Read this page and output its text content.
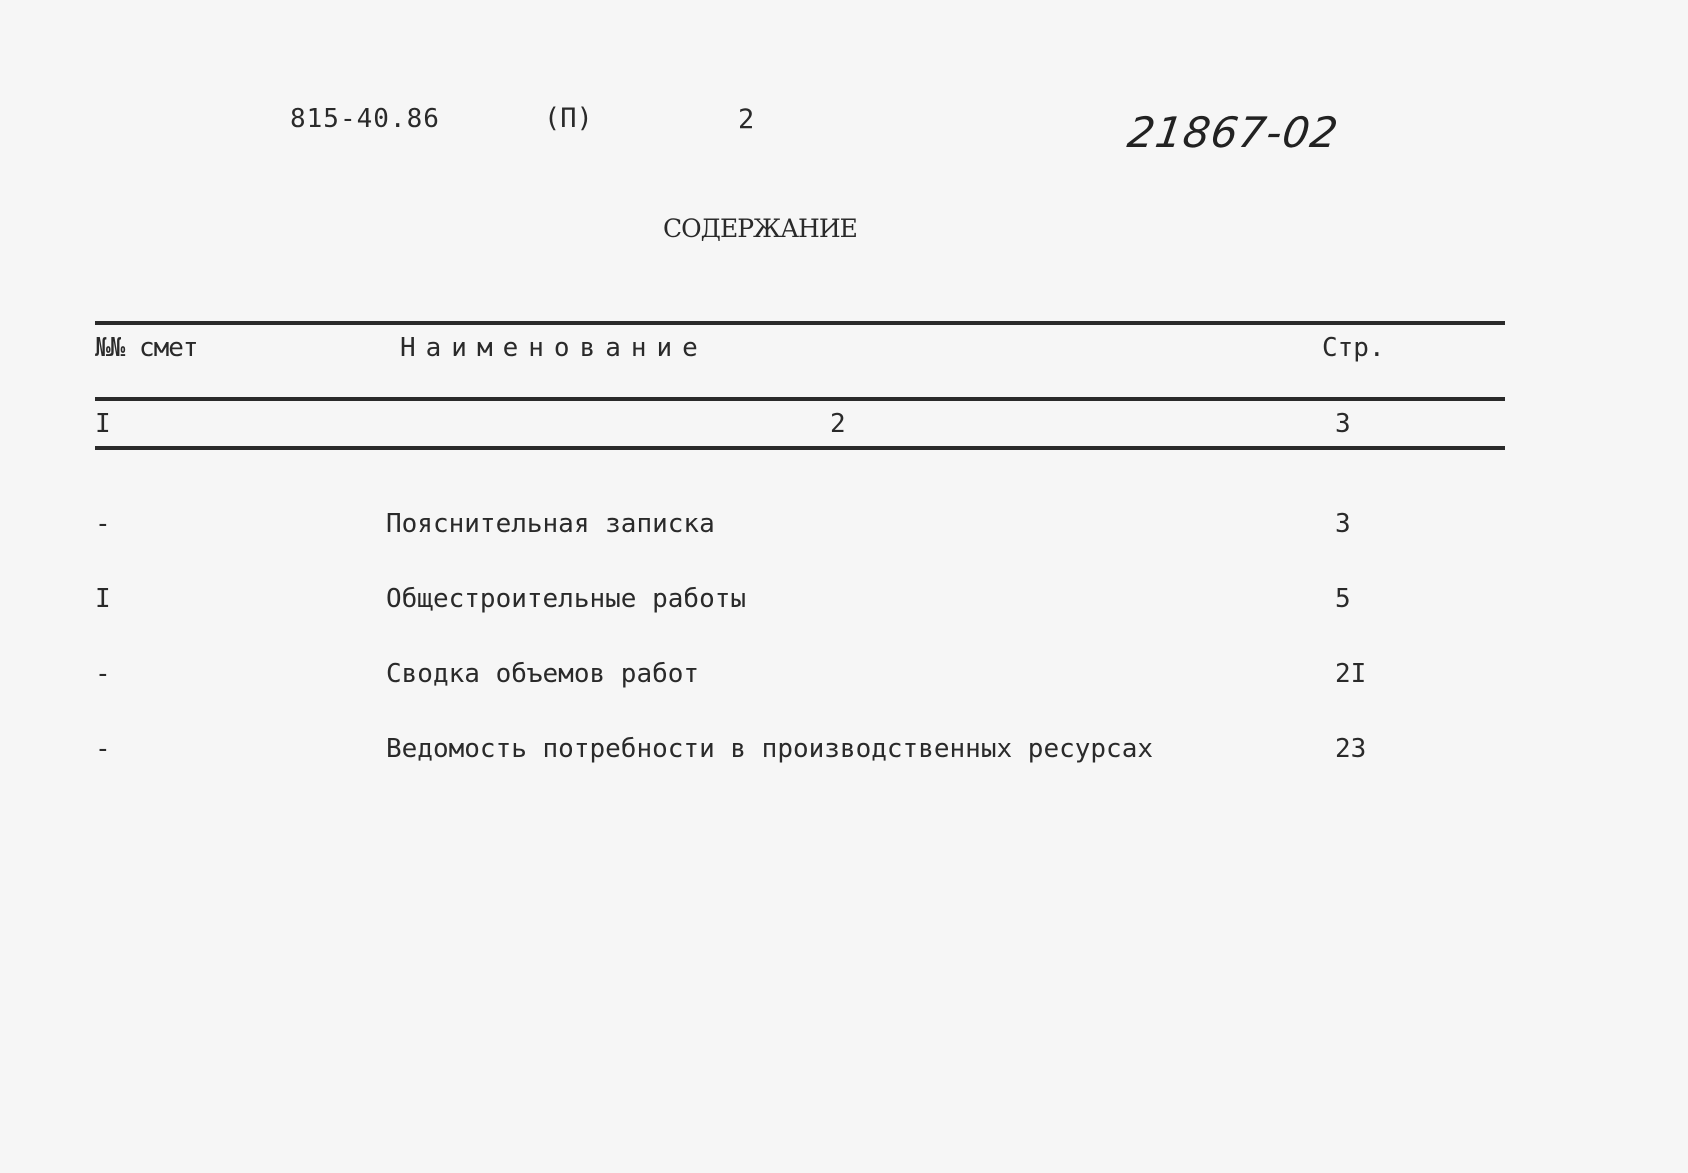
815-40.86	(П)	2	21867-02
СОДЕРЖАНИЕ
№№ смет	Наименование	Стр.
I	2	3
-	Пояснительная записка	3
I	Общестроительные работы	5
-	Сводка объемов работ	2I
-	Ведомость потребности в производственных ресурсах	23
